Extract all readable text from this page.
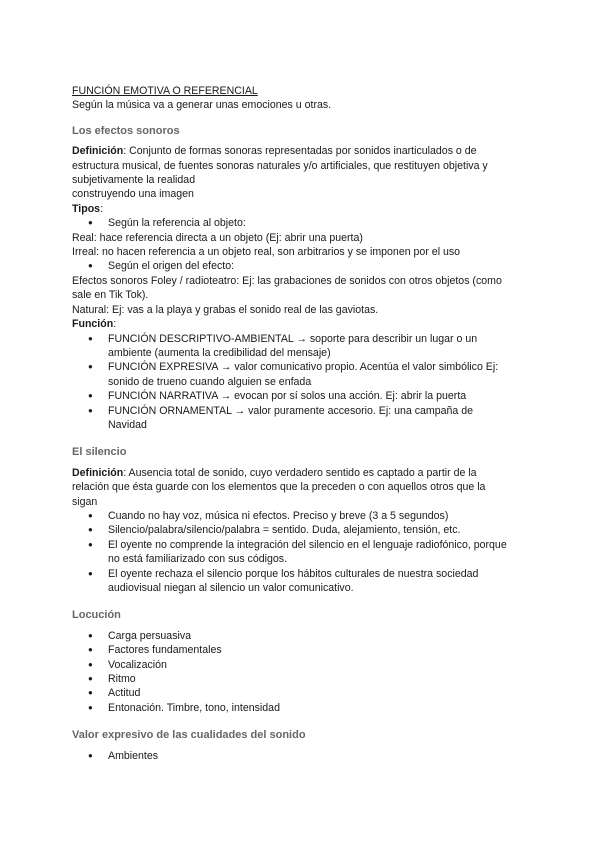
FUNCIÓN EMOTIVA O REFERENCIAL

Según la música va a generar unas emociones u otras.

Los efectos sonoros

Definición: Conjunto de formas sonoras representadas por sonidos inarticulados o de

estructura musical, de fuentes sonoras naturales y/o artificiales, que restituyen objetiva y

subjetivamente la realidad

construyendo una imagen

Tipos:

● Según la referencia al objeto:

Real: hace referencia directa a un objeto (Ej: abrir una puerta)

Irreal: no hacen referencia a un objeto real, son arbitrarios y se imponen por el uso

● Según el origen del efecto:

Efectos sonoros Foley / radioteatro: Ej: las grabaciones de sonidos con otros objetos (como

sale en Tik Tok).

Natural: Ej: vas a la playa y grabas el sonido real de las gaviotas.

Función:

● FUNCIÓN DESCRIPTIVO-AMBIENTAL → soporte para describir un lugar o un
ambiente (aumenta la credibilidad del mensaje)
● FUNCIÓN EXPRESIVA → valor comunicativo propio. Acentúa el valor simbólico Ej:
sonido de trueno cuando alguien se enfada
● FUNCIÓN NARRATIVA → evocan por sí solos una acción. Ej: abrir la puerta
● FUNCIÓN ORNAMENTAL → valor puramente accesorio. Ej: una campaña de
Navidad

El silencio

Definición: Ausencia total de sonido, cuyo verdadero sentido es captado a partir de la

relación que ésta guarde con los elementos que la preceden o con aquellos otros que la

sigan

● Cuando no hay voz, música ni efectos. Preciso y breve (3 a 5 segundos)
● Silencio/palabra/silencio/palabra = sentido. Duda, alejamiento, tensión, etc.
● El oyente no comprende la integración del silencio en el lenguaje radiofónico, porque
no está familiarizado con sus códigos.
● El oyente rechaza el silencio porque los hábitos culturales de nuestra sociedad
audiovisual niegan al silencio un valor comunicativo.

Locución

● Carga persuasiva
● Factores fundamentales
● Vocalización
● Ritmo
● Actitud
● Entonación. Timbre, tono, intensidad

Valor expresivo de las cualidades del sonido

● Ambientes
